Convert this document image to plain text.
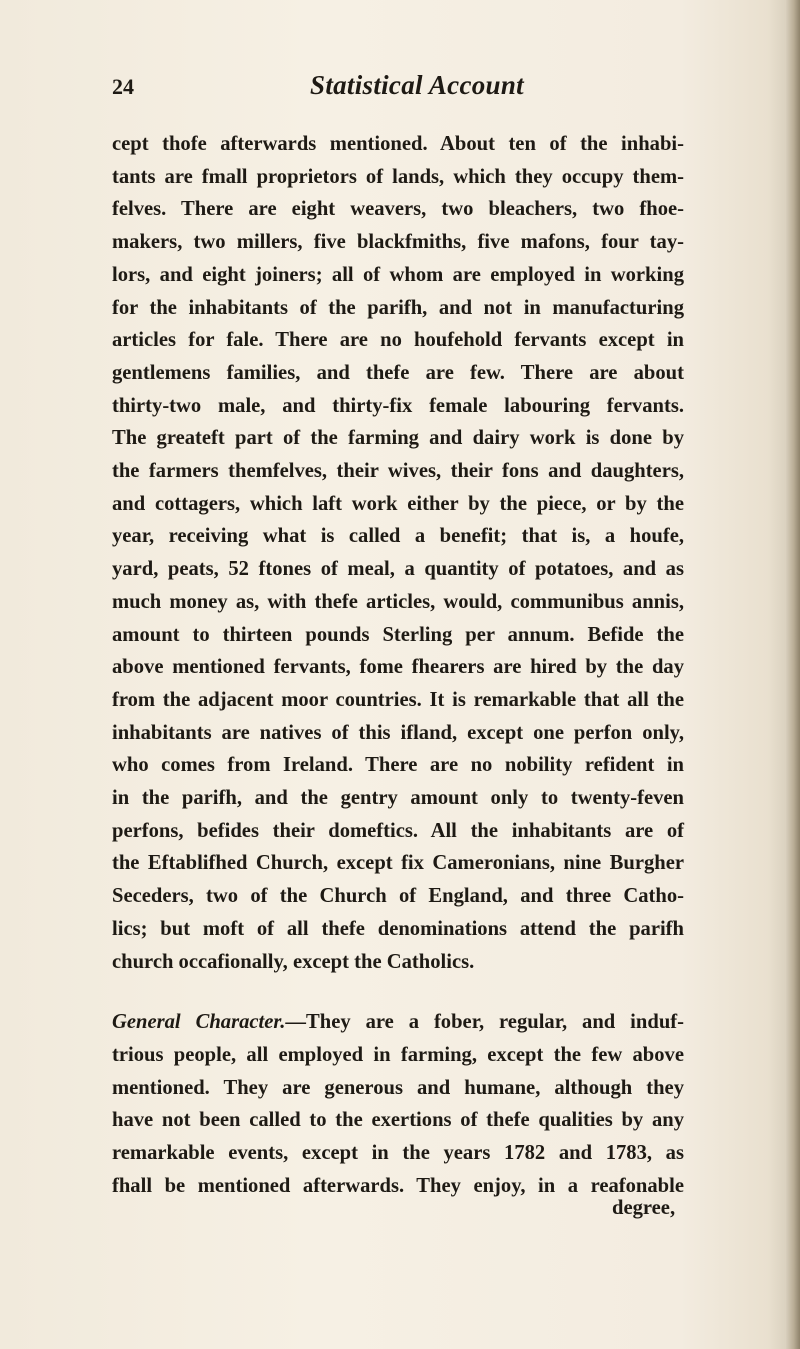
24	Statistical Account
cept thofe afterwards mentioned. About ten of the inhabi-
tants are fmall proprietors of lands, which they occupy them-
felves. There are eight weavers, two bleachers, two fhoe-
makers, two millers, five blackfmiths, five mafons, four tay-
lors, and eight joiners; all of whom are employed in working
for the inhabitants of the parifh, and not in manufacturing
articles for fale. There are no houfehold fervants except in
gentlemens families, and thefe are few. There are about
thirty-two male, and thirty-fix female labouring fervants.
The greateft part of the farming and dairy work is done by
the farmers themfelves, their wives, their fons and daughters,
and cottagers, which laft work either by the piece, or by the
year, receiving what is called a benefit; that is, a houfe,
yard, peats, 52 ftones of meal, a quantity of potatoes, and as
much money as, with thefe articles, would, communibus annis,
amount to thirteen pounds Sterling per annum. Befide the
above mentioned fervants, fome fhearers are hired by the day
from the adjacent moor countries. It is remarkable that all the
inhabitants are natives of this ifland, except one perfon only,
who comes from Ireland. There are no nobility refident in
in the parifh, and the gentry amount only to twenty-feven
perfons, befides their domeftics. All the inhabitants are of
the Eftablifhed Church, except fix Cameronians, nine Burgher
Seceders, two of the Church of England, and three Catho-
lics; but moft of all thefe denominations attend the parifh
church occafionally, except the Catholics.
General Character.—They are a fober, regular, and induf-
trious people, all employed in farming, except the few above
mentioned. They are generous and humane, although they
have not been called to the exertions of thefe qualities by any
remarkable events, except in the years 1782 and 1783, as
fhall be mentioned afterwards. They enjoy, in a reafonable
degree,
